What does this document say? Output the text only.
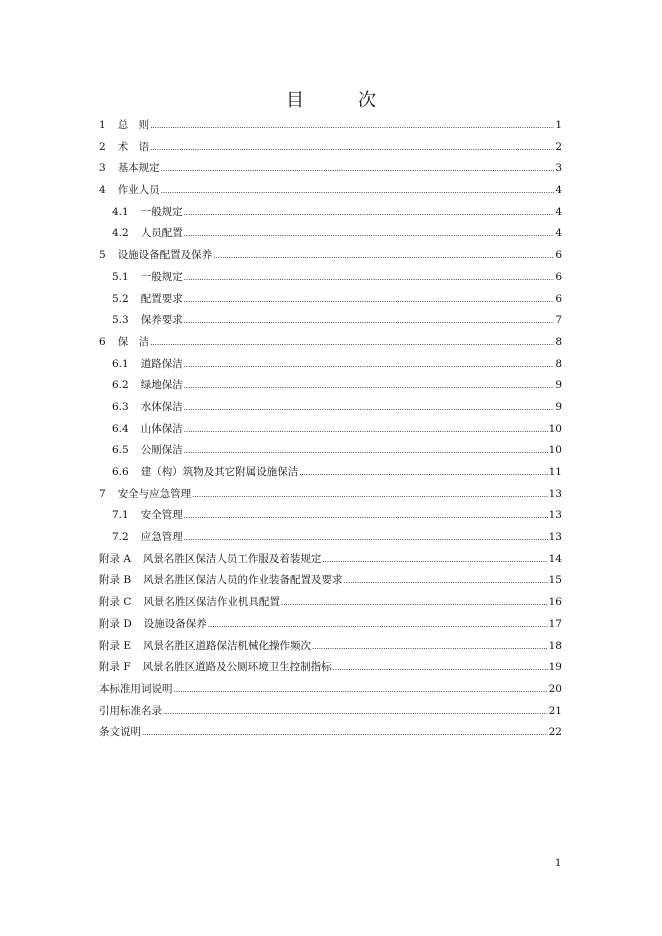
目　次
1 总　则 .....	1
2 术　语 .....	2
3 基本规定 .....	3
4 作业人员 .....	4
4.1 一般规定 .....	4
4.2 人员配置 .....	4
5 设施设备配置及保养 .....	6
5.1 一般规定 .....	6
5.2 配置要求 .....	6
5.3 保养要求 .....	7
6 保　洁 .....	8
6.1 道路保洁 .....	8
6.2 绿地保洁 .....	9
6.3 水体保洁 .....	9
6.4 山体保洁 .....	10
6.5 公厕保洁 .....	10
6.6 建（构）筑物及其它附属设施保洁 .....	11
7 安全与应急管理 .....	13
7.1 安全管理 .....	13
7.2 应急管理 .....	13
附录 A 风景名胜区保洁人员工作服及着装规定 .....	14
附录 B 风景名胜区保洁人员的作业装备配置及要求 .....	15
附录 C 风景名胜区保洁作业机具配置 .....	16
附录 D 设施设备保养 .....	17
附录 E 风景名胜区道路保洁机械化操作频次 .....	18
附录 F 风景名胜区道路及公厕环境卫生控制指标 .....	19
本标准用词说明 .....	20
引用标准名录 .....	21
条文说明 .....	22
1
